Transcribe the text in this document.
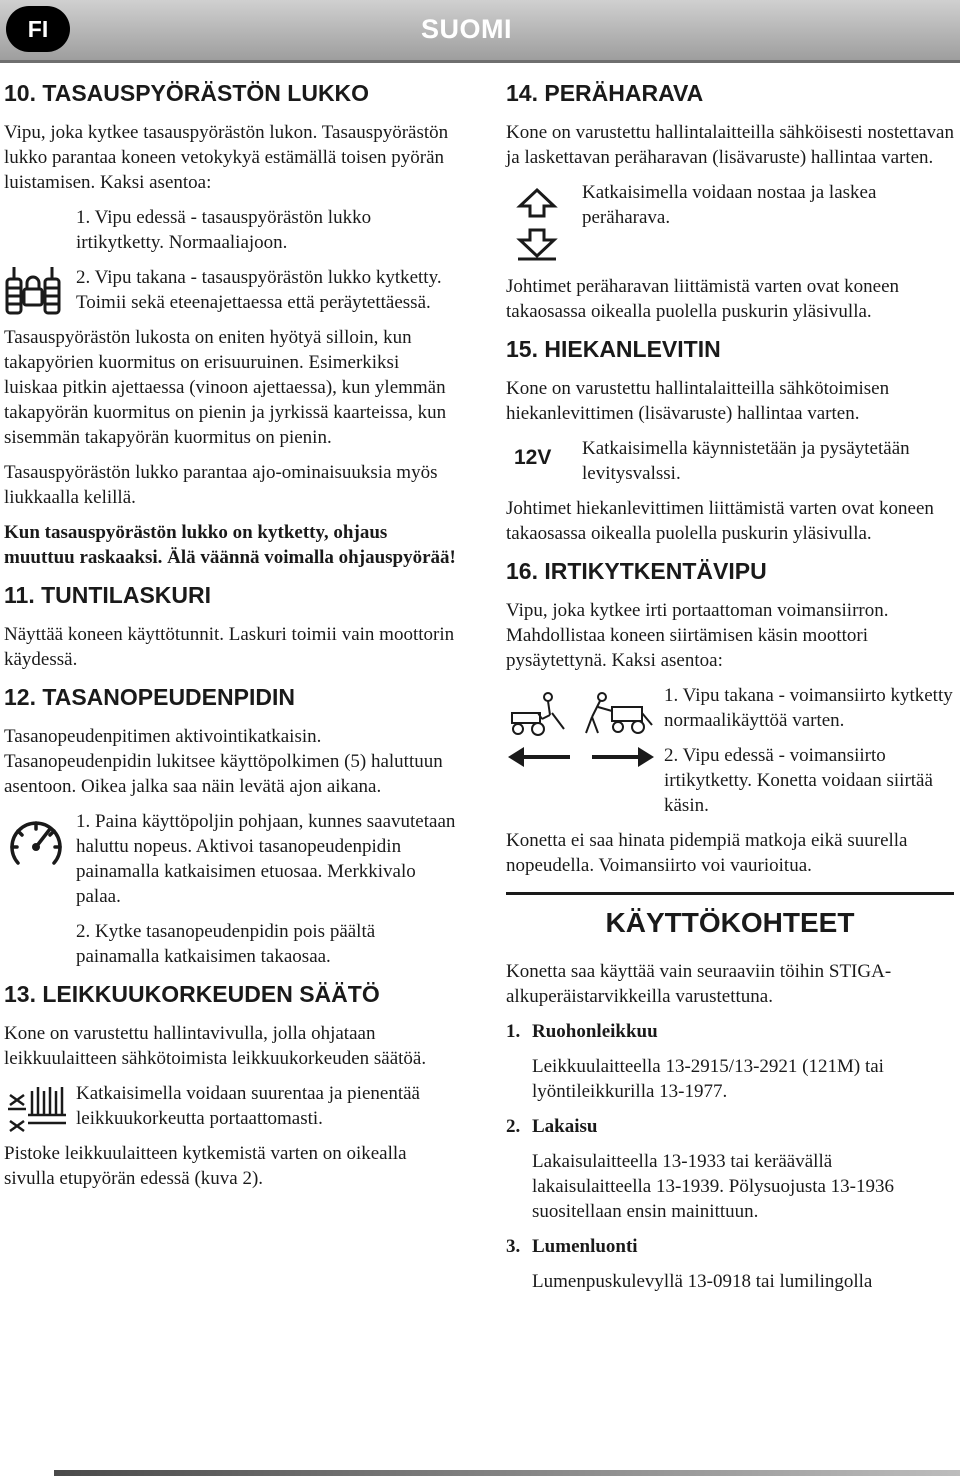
FI	SUOMI
10. TASAUSPYÖRÄSTÖN LUKKO

Vipu, joka kytkee tasauspyörästön lukon. Tasauspyörästön lukko parantaa koneen vetokykyä estämällä toisen pyörän luistamisen. Kaksi asentoa:

1. Vipu edessä - tasauspyörästön lukko irtikytketty. Normaaliajoon.

2. Vipu takana - tasauspyörästön lukko kytketty. Toimii sekä eteenajettaessa että peräytettäessä.

Tasauspyörästön lukosta on eniten hyötyä silloin, kun takapyörien kuormitus on erisuuruinen. Esimerkiksi luiskaa pitkin ajettaessa (vinoon ajettaessa), kun ylemmän takapyörän kuormitus on pienin ja jyrkissä kaarteissa, kun sisemmän takapyörän kuormitus on pienin.

Tasauspyörästön lukko parantaa ajo-ominaisuuksia myös liukkaalla kelillä.

Kun tasauspyörästön lukko on kytketty, ohjaus muuttuu raskaaksi. Älä väännä voimalla ohjauspyörää!

11. TUNTILASKURI

Näyttää koneen käyttötunnit. Laskuri toimii vain moottorin käydessä.

12. TASANOPEUDENPIDIN

Tasanopeudenpitimen aktivointikatkaisin. Tasanopeudenpidin lukitsee käyttöpolkimen (5) haluttuun asentoon. Oikea jalka saa näin levätä ajon aikana.

1. Paina käyttöpoljin pohjaan, kunnes saavutetaan haluttu nopeus. Aktivoi tasanopeudenpidin painamalla katkaisimen etuosaa. Merkkivalo palaa.

2. Kytke tasanopeudenpidin pois päältä painamalla katkaisimen takaosaa.

13. LEIKKUUKORKEUDEN SÄÄTÖ

Kone on varustettu hallintavivulla, jolla ohjataan leikkuulaitteen sähkötoimista leikkuukorkeuden säätöä.

Katkaisimella voidaan suurentaa ja pienentää leikkuukorkeutta portaattomasti.

Pistoke leikkuulaitteen kytkemistä varten on oikealla sivulla etupyörän edessä (kuva 2).

14. PERÄHARAVA

Kone on varustettu hallintalaitteilla sähköisesti nostettavan ja laskettavan peräharavan (lisävaruste) hallintaa varten.

Katkaisimella voidaan nostaa ja laskea peräharava.

Johtimet peräharavan liittämistä varten ovat koneen takaosassa oikealla puolella puskurin yläsivulla.

15. HIEKANLEVITIN

Kone on varustettu hallintalaitteilla sähkötoimisen hiekanlevittimen (lisävaruste) hallintaa varten.

12V	Katkaisimella käynnistetään ja pysäytetään levitysvalssi.

Johtimet hiekanlevittimen liittämistä varten ovat koneen takaosassa oikealla puolella puskurin yläsivulla.

16. IRTIKYTKENTÄVIPU

Vipu, joka kytkee irti portaattoman voimansiirron. Mahdollistaa koneen siirtämisen käsin moottori pysäytettynä. Kaksi asentoa:

1. Vipu takana - voimansiirto kytketty normaalikäyttöä varten.

2. Vipu edessä - voimansiirto irtikytketty. Konetta voidaan siirtää käsin.

Konetta ei saa hinata pidempiä matkoja eikä suurella nopeudella. Voimansiirto voi vaurioitua.

KÄYTTÖKOHTEET

Konetta saa käyttää vain seuraaviin töihin STIGA-alkuperäistarvikkeilla varustettuna.

1. Ruohonleikkuu
Leikkuulaitteella 13-2915/13-2921 (121M) tai lyöntileikkurilla 13-1977.
2. Lakaisu
Lakaisulaitteella 13-1933 tai keräävällä lakaisulaitteella 13-1939. Pölysuojusta 13-1936 suositellaan ensin mainittuun.
3. Lumenluonti
Lumenpuskulevyllä 13-0918 tai lumilingolla
